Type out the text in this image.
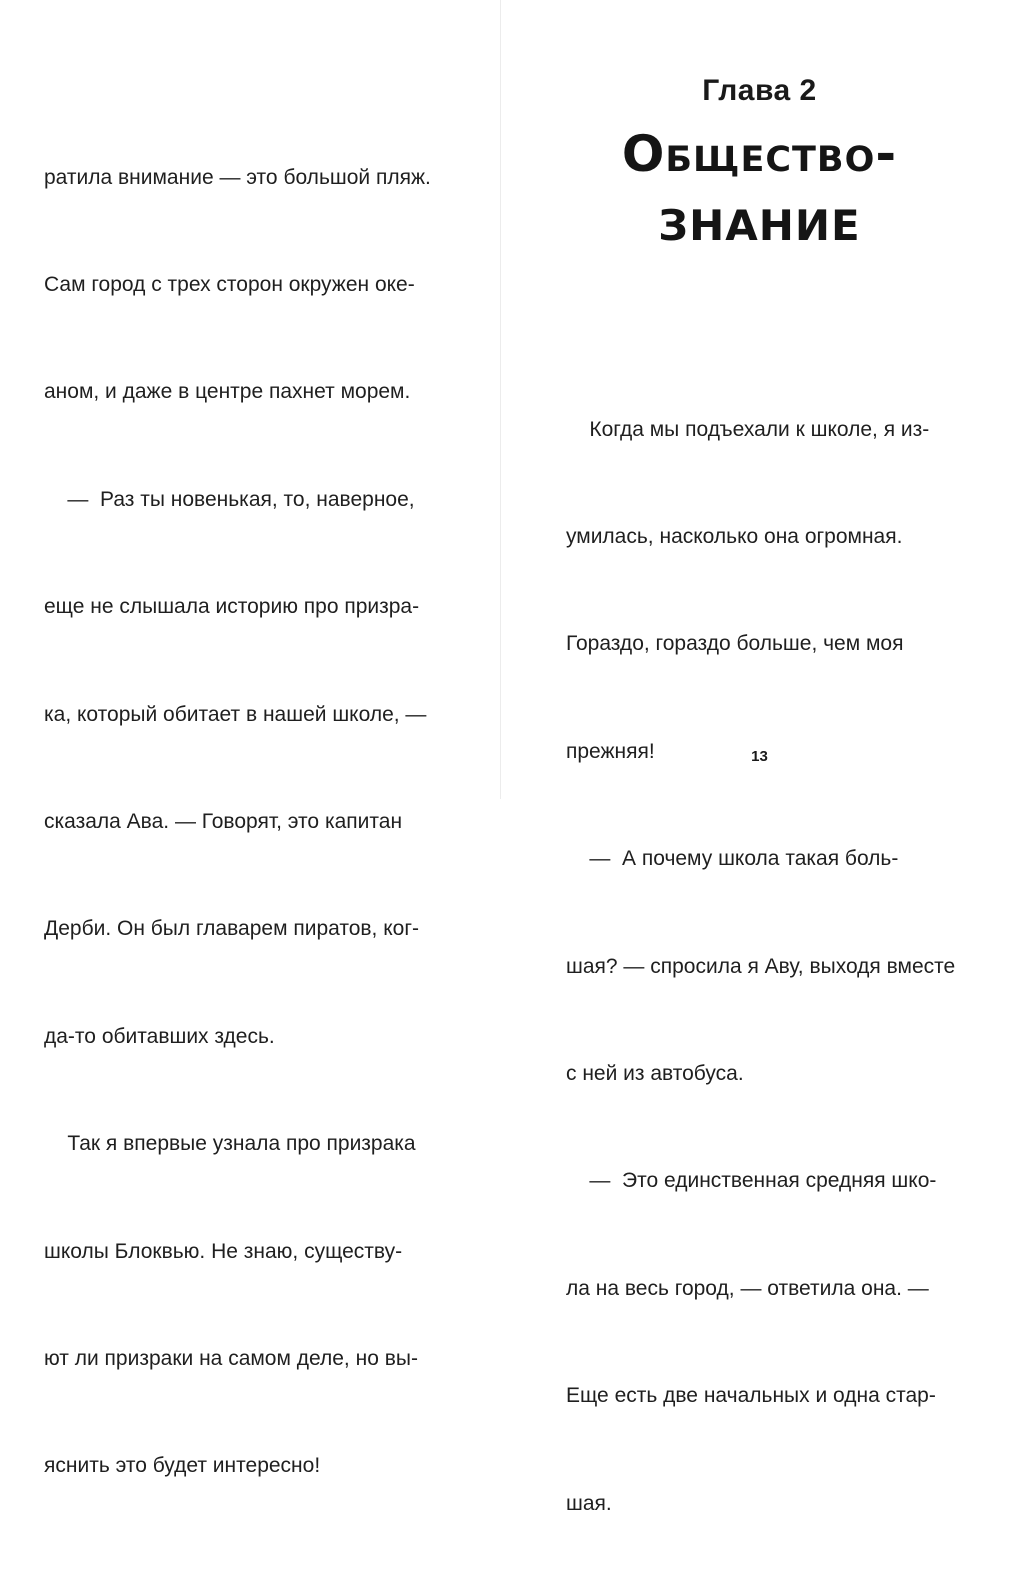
ратила внимание — это большой пляж.

Сам город с трех сторон окружен оке-

аном, и даже в центре пахнет морем.

—  Раз ты новенькая, то, наверное,

еще не слышала историю про призра-

ка, который обитает в нашей школе, —

сказала Ава. — Говорят, это капитан

Дерби. Он был главарем пиратов, ког-

да-то обитавших здесь.

Так я впервые узнала про призрака

школы Блоквью. Не знаю, существу-

ют ли призраки на самом деле, но вы-

яснить это будет интересно!

Глава 2
Общество-
ЗНАНИЕ

Когда мы подъехали к школе, я из-

умилась, насколько она огромная.

Гораздо, гораздо больше, чем моя

прежняя!

—  А почему школа такая боль-

шая? — спросила я Аву, выходя вместе

с ней из автобуса.

—  Это единственная средняя шко-

ла на весь город, — ответила она. —

Еще есть две начальных и одна стар-

шая.

13
